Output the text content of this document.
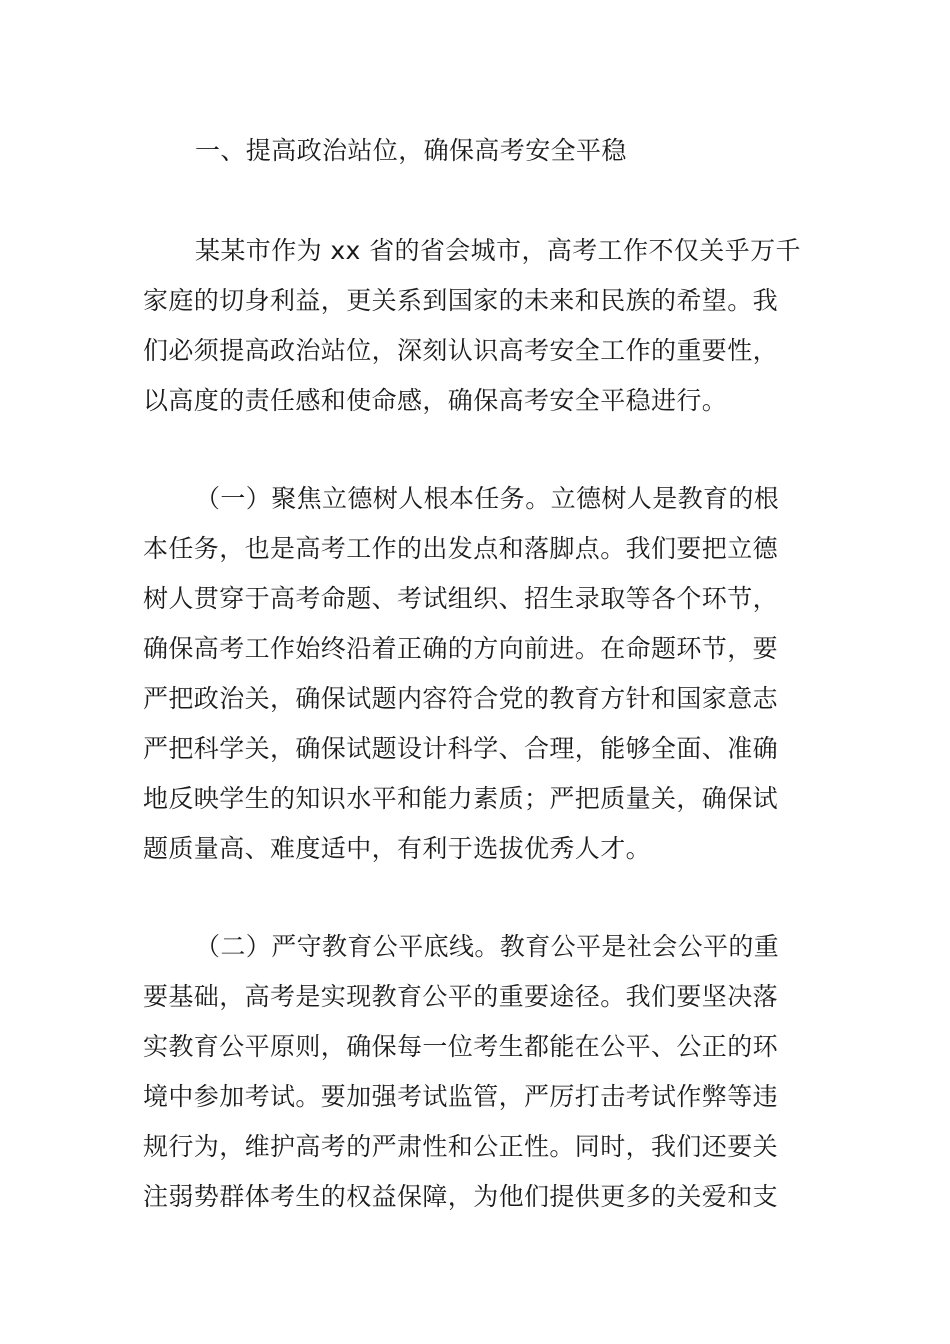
一、提高政治站位，确保高考安全平稳

某某市作为 xx 省的省会城市，高考工作不仅关乎万千

家庭的切身利益，更关系到国家的未来和民族的希望。我

们必须提高政治站位，深刻认识高考安全工作的重要性，

以高度的责任感和使命感，确保高考安全平稳进行。

（一）聚焦立德树人根本任务。立德树人是教育的根

本任务，也是高考工作的出发点和落脚点。我们要把立德

树人贯穿于高考命题、考试组织、招生录取等各个环节，

确保高考工作始终沿着正确的方向前进。在命题环节，要

严把政治关，确保试题内容符合党的教育方针和国家意志

严把科学关，确保试题设计科学、合理，能够全面、准确

地反映学生的知识水平和能力素质；严把质量关，确保试

题质量高、难度适中，有利于选拔优秀人才。

（二）严守教育公平底线。教育公平是社会公平的重

要基础，高考是实现教育公平的重要途径。我们要坚决落

实教育公平原则，确保每一位考生都能在公平、公正的环

境中参加考试。要加强考试监管，严厉打击考试作弊等违

规行为，维护高考的严肃性和公正性。同时，我们还要关

注弱势群体考生的权益保障，为他们提供更多的关爱和支
